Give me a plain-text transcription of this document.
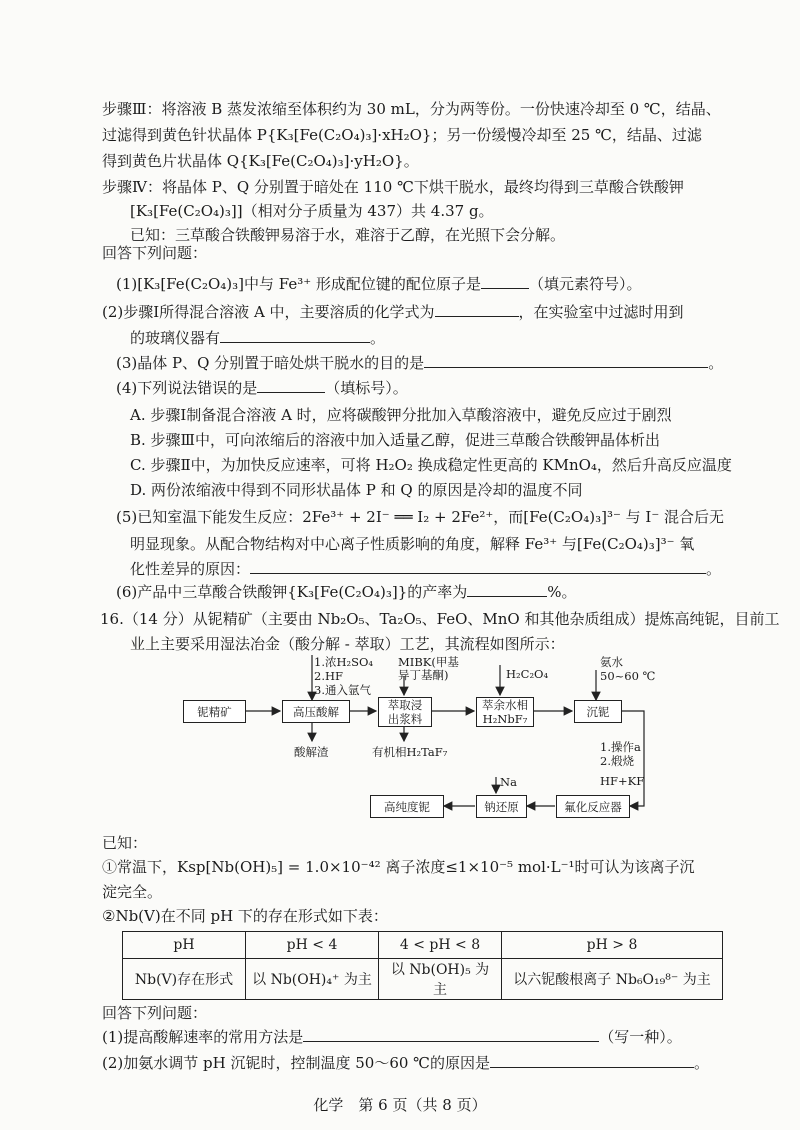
步骤Ⅲ：将溶液 B 蒸发浓缩至体积约为 30 mL，分为两等份。一份快速冷却至 0 ℃，结晶、
过滤得到黄色针状晶体 P{K₃[Fe(C₂O₄)₃]·xH₂O}；另一份缓慢冷却至 25 ℃，结晶、过滤
得到黄色片状晶体 Q{K₃[Fe(C₂O₄)₃]·yH₂O}。
步骤Ⅳ：将晶体 P、Q 分别置于暗处在 110 ℃下烘干脱水，最终均得到三草酸合铁酸钾
[K₃[Fe(C₂O₄)₃]]（相对分子质量为 437）共 4.37 g。
已知：三草酸合铁酸钾易溶于水，难溶于乙醇，在光照下会分解。
回答下列问题：
(1)[K₃[Fe(C₂O₄)₃]中与 Fe³⁺ 形成配位键的配位原子是	（填元素符号）。
(2)步骤Ⅰ所得混合溶液 A 中，主要溶质的化学式为	，在实验室中过滤时用到
的玻璃仪器有	。
(3)晶体 P、Q 分别置于暗处烘干脱水的目的是	。
(4)下列说法错误的是	（填标号）。
A. 步骤Ⅰ制备混合溶液 A 时，应将碳酸钾分批加入草酸溶液中，避免反应过于剧烈
B. 步骤Ⅲ中，可向浓缩后的溶液中加入适量乙醇，促进三草酸合铁酸钾晶体析出
C. 步骤Ⅱ中，为加快反应速率，可将 H₂O₂ 换成稳定性更高的 KMnO₄，然后升高反应温度
D. 两份浓缩液中得到不同形状晶体 P 和 Q 的原因是冷却的温度不同
(5)已知室温下能发生反应：2Fe³⁺ + 2I⁻ ══ I₂ + 2Fe²⁺，而[Fe(C₂O₄)₃]³⁻ 与 I⁻ 混合后无
明显现象。从配合物结构对中心离子性质影响的角度，解释 Fe³⁺ 与[Fe(C₂O₄)₃]³⁻ 氧
化性差异的原因：	。
(6)产品中三草酸合铁酸钾{K₃[Fe(C₂O₄)₃]}的产率为	%。
16.（14 分）从铌精矿（主要由 Nb₂O₅、Ta₂O₅、FeO、MnO 和其他杂质组成）提炼高纯铌，目前工
业上主要采用湿法冶金（酸分解 - 萃取）工艺，其流程如图所示：
铌精矿	高压酸解	萃取浸出浆料
萃余水相 H₂NbF₇
沉铌
氟化反应器
钠还原
高纯度铌
1.浓H₂SO₄
2.HF
3.通入氩气
MIBK(甲基异丁基酮)	H₂C₂O₄
氨水
50~60 ℃
酸解渣	有机相H₂TaF₇	1.操作a
2.煅烧
HF+KF
Na
已知：
①常温下，Ksp[Nb(OH)₅] = 1.0×10⁻⁴² 离子浓度≤1×10⁻⁵ mol·L⁻¹时可认为该离子沉
淀完全。
②Nb(Ⅴ)在不同 pH 下的存在形式如下表：
pH	pH < 4	4 < pH < 8	pH > 8
Nb(Ⅴ)存在形式	以 Nb(OH)₄⁺ 为主	以 Nb(OH)₅ 为主	以六铌酸根离子 Nb₆O₁₉⁸⁻ 为主
回答下列问题：
(1)提高酸解速率的常用方法是	（写一种）。
(2)加氨水调节 pH 沉铌时，控制温度 50～60 ℃的原因是	。
化学　第 6 页（共 8 页）
